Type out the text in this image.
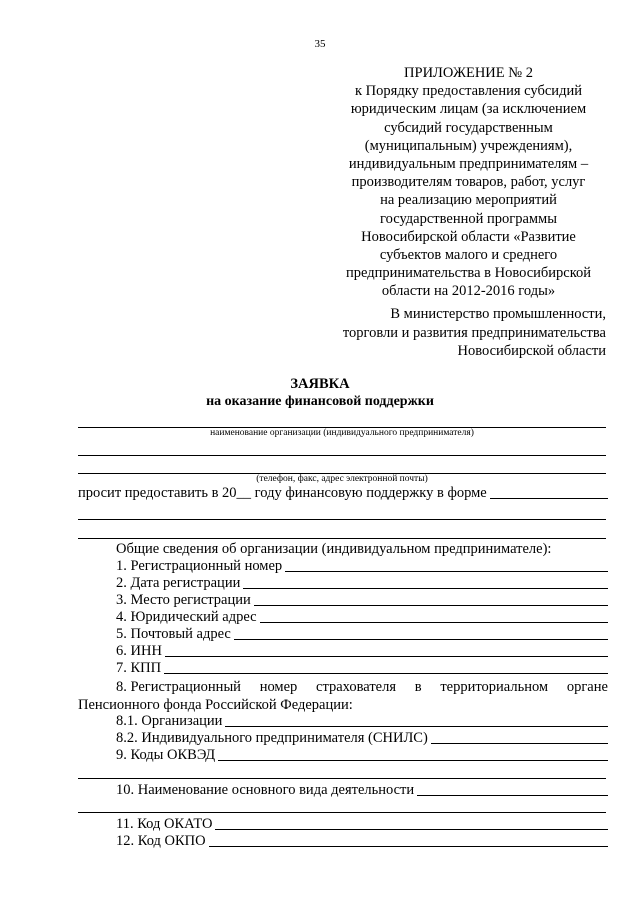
35
ПРИЛОЖЕНИЕ № 2
к Порядку предоставления субсидий
юридическим лицам (за исключением
субсидий государственным
(муниципальным) учреждениям),
индивидуальным предпринимателям –
производителям товаров, работ, услуг
на реализацию мероприятий
государственной программы
Новосибирской области «Развитие
субъектов малого и среднего
предпринимательства в Новосибирской
области на 2012-2016 годы»
В министерство промышленности,
торговли и развития предпринимательства
Новосибирской области
ЗАЯВКА
на оказание финансовой поддержки
наименование организации (индивидуального предпринимателя)
(телефон, факс, адрес электронной почты)
просит предоставить в 20__ году финансовую поддержку в форме
Общие сведения об организации (индивидуальном предпринимателе):
1. Регистрационный номер
2. Дата регистрации
3. Место регистрации
4. Юридический адрес
5. Почтовый адрес
6. ИНН
7. КПП
8. Регистрационный номер страхователя в территориальном органе
Пенсионного фонда Российской Федерации:
8.1. Организации
8.2. Индивидуального предпринимателя (СНИЛС)
9. Коды ОКВЭД
10. Наименование основного вида деятельности
11. Код ОКАТО
12. Код ОКПО
